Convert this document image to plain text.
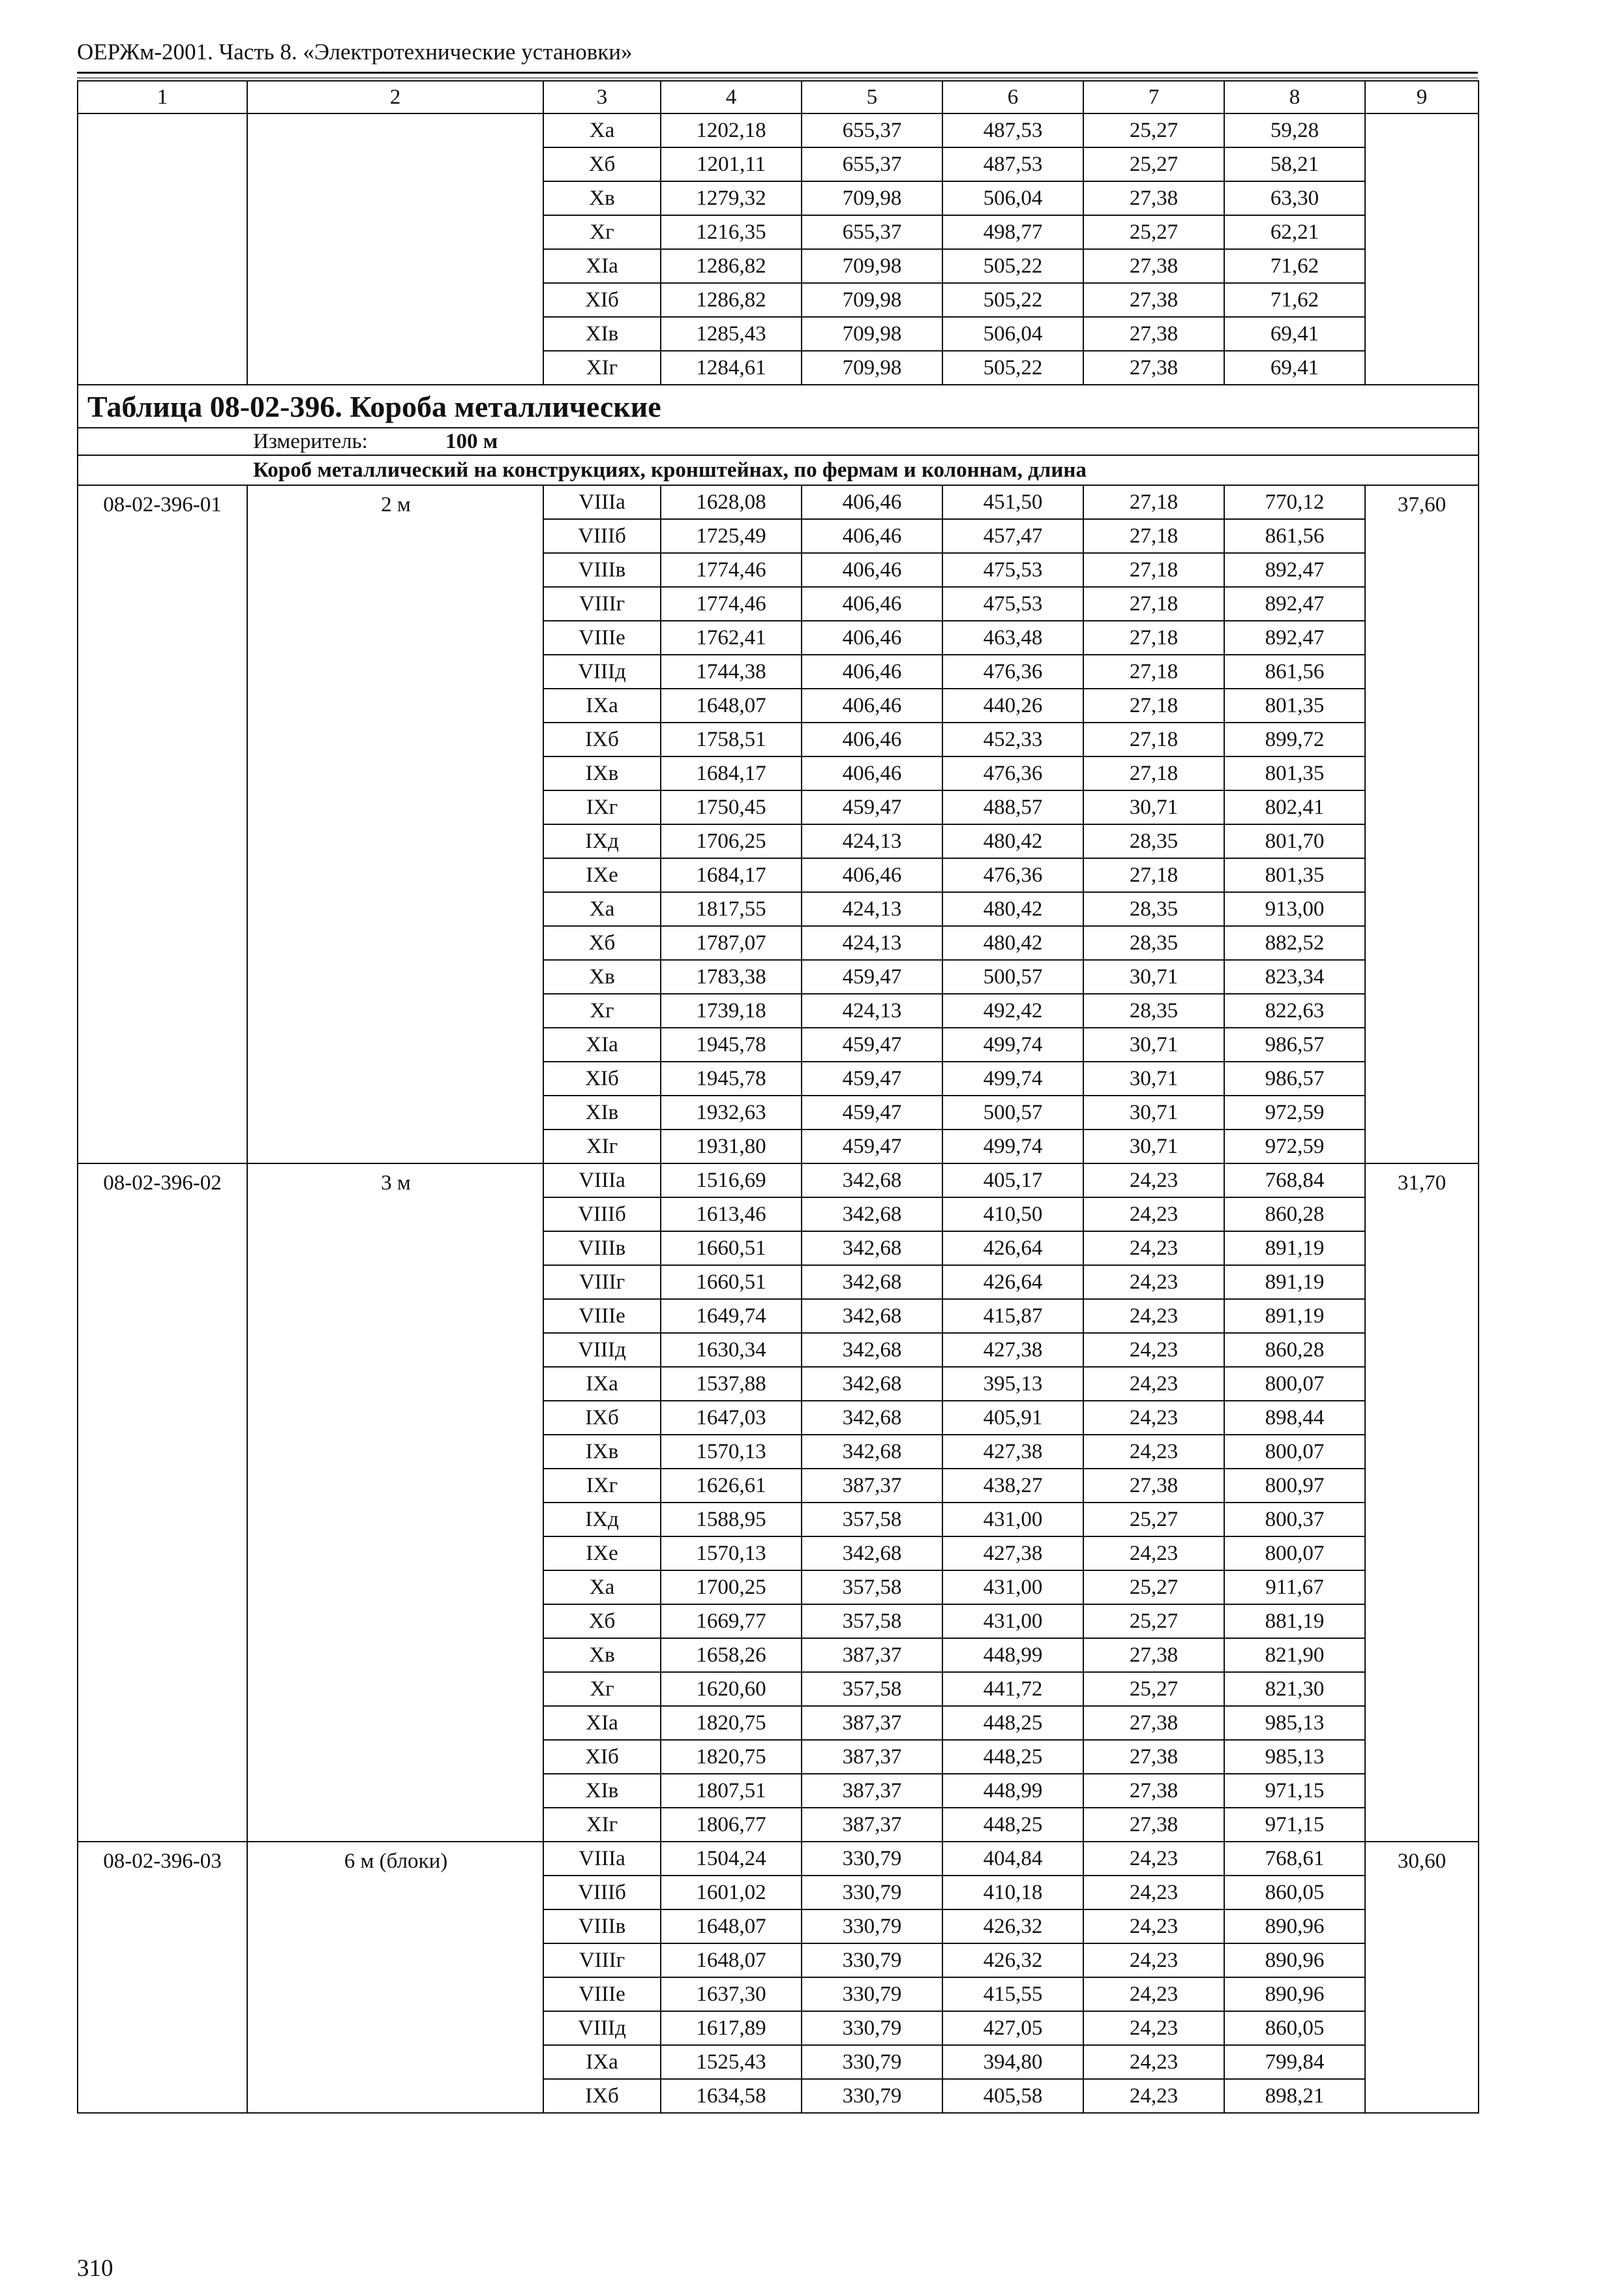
ОЕРЖм-2001. Часть 8. «Электротехнические установки»
1	2	3	4	5	6	7	8	9
		Ха	1202,18	655,37	487,53	25,27	59,28	
		Хб	1201,11	655,37	487,53	25,27	58,21	
		Хв	1279,32	709,98	506,04	27,38	63,30	
		Хг	1216,35	655,37	498,77	25,27	62,21	
		ХIа	1286,82	709,98	505,22	27,38	71,62	
		ХIб	1286,82	709,98	505,22	27,38	71,62	
		ХIв	1285,43	709,98	506,04	27,38	69,41	
		ХIг	1284,61	709,98	505,22	27,38	69,41	
Таблица 08-02-396. Короба металлические								
Измеритель: 100 м								
Короб металлический на конструкциях, кронштейнах, по фермам и колоннам, длина								
08-02-396-01	2 м	VIIIа	1628,08	406,46	451,50	27,18	770,12	37,60
		VIIIб	1725,49	406,46	457,47	27,18	861,56	
		VIIIв	1774,46	406,46	475,53	27,18	892,47	
		VIIIг	1774,46	406,46	475,53	27,18	892,47	
		VIIIе	1762,41	406,46	463,48	27,18	892,47	
		VIIIд	1744,38	406,46	476,36	27,18	861,56	
		IХа	1648,07	406,46	440,26	27,18	801,35	
		IХб	1758,51	406,46	452,33	27,18	899,72	
		IХв	1684,17	406,46	476,36	27,18	801,35	
		IХг	1750,45	459,47	488,57	30,71	802,41	
		IХд	1706,25	424,13	480,42	28,35	801,70	
		IХе	1684,17	406,46	476,36	27,18	801,35	
		Ха	1817,55	424,13	480,42	28,35	913,00	
		Хб	1787,07	424,13	480,42	28,35	882,52	
		Хв	1783,38	459,47	500,57	30,71	823,34	
		Хг	1739,18	424,13	492,42	28,35	822,63	
		ХIа	1945,78	459,47	499,74	30,71	986,57	
		ХIб	1945,78	459,47	499,74	30,71	986,57	
		ХIв	1932,63	459,47	500,57	30,71	972,59	
		ХIг	1931,80	459,47	499,74	30,71	972,59	
08-02-396-02	3 м	VIIIа	1516,69	342,68	405,17	24,23	768,84	31,70
		VIIIб	1613,46	342,68	410,50	24,23	860,28	
		VIIIв	1660,51	342,68	426,64	24,23	891,19	
		VIIIг	1660,51	342,68	426,64	24,23	891,19	
		VIIIе	1649,74	342,68	415,87	24,23	891,19	
		VIIIд	1630,34	342,68	427,38	24,23	860,28	
		IХа	1537,88	342,68	395,13	24,23	800,07	
		IХб	1647,03	342,68	405,91	24,23	898,44	
		IХв	1570,13	342,68	427,38	24,23	800,07	
		IХг	1626,61	387,37	438,27	27,38	800,97	
		IХд	1588,95	357,58	431,00	25,27	800,37	
		IХе	1570,13	342,68	427,38	24,23	800,07	
		Ха	1700,25	357,58	431,00	25,27	911,67	
		Хб	1669,77	357,58	431,00	25,27	881,19	
		Хв	1658,26	387,37	448,99	27,38	821,90	
		Хг	1620,60	357,58	441,72	25,27	821,30	
		ХIа	1820,75	387,37	448,25	27,38	985,13	
		ХIб	1820,75	387,37	448,25	27,38	985,13	
		ХIв	1807,51	387,37	448,99	27,38	971,15	
		ХIг	1806,77	387,37	448,25	27,38	971,15	
08-02-396-03	6 м (блоки)	VIIIа	1504,24	330,79	404,84	24,23	768,61	30,60
		VIIIб	1601,02	330,79	410,18	24,23	860,05	
		VIIIв	1648,07	330,79	426,32	24,23	890,96	
		VIIIг	1648,07	330,79	426,32	24,23	890,96	
		VIIIе	1637,30	330,79	415,55	24,23	890,96	
		VIIIд	1617,89	330,79	427,05	24,23	860,05	
		IХа	1525,43	330,79	394,80	24,23	799,84	
		IХб	1634,58	330,79	405,58	24,23	898,21	
310
